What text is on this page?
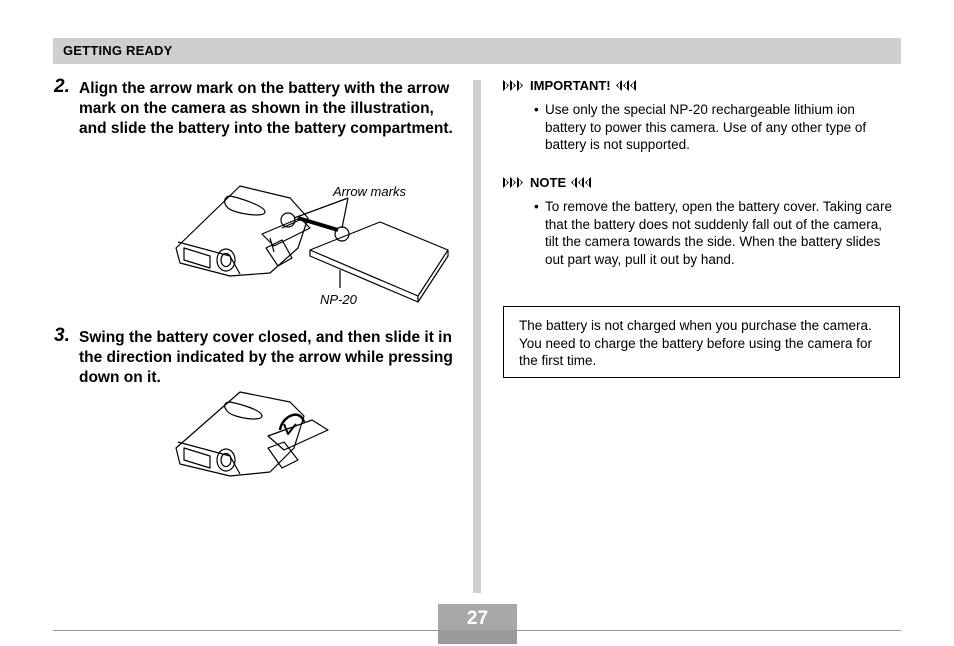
GETTING READY
2. Align the arrow mark on the battery with the arrow mark on the camera as shown in the illustration, and slide the battery into the battery compartment.
Arrow marks
NP-20
3. Swing the battery cover closed, and then slide it in the direction indicated by the arrow while pressing down on it.
IMPORTANT!
• Use only the special NP-20 rechargeable lithium ion battery to power this camera. Use of any other type of battery is not supported.
NOTE
• To remove the battery, open the battery cover. Taking care that the battery does not suddenly fall out of the camera, tilt the camera towards the side. When the battery slides out part way, pull it out by hand.
The battery is not charged when you purchase the camera. You need to charge the battery before using the camera for the first time.
27
